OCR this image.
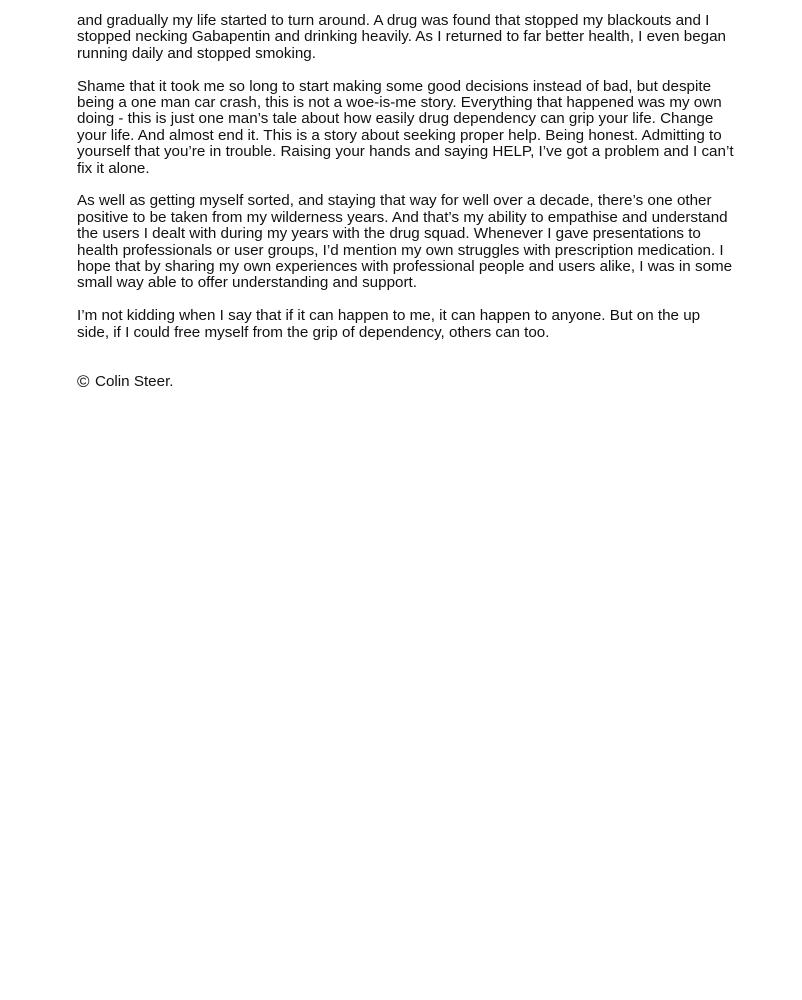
and gradually my life started to turn around. A drug was found that stopped my blackouts and I
stopped necking Gabapentin and drinking heavily. As I returned to far better health, I even began
running daily and stopped smoking.

Shame that it took me so long to start making some good decisions instead of bad, but despite
being a one man car crash, this is not a woe-is-me story. Everything that happened was my own
doing - this is just one man’s tale about how easily drug dependency can grip your life. Change
your life. And almost end it. This is a story about seeking proper help. Being honest. Admitting to
yourself that you’re in trouble. Raising your hands and saying HELP, I’ve got a problem and I can’t
fix it alone.

As well as getting myself sorted, and staying that way for well over a decade, there’s one other
positive to be taken from my wilderness years. And that’s my ability to empathise and understand
the users I dealt with during my years with the drug squad. Whenever I gave presentations to
health professionals or user groups, I’d mention my own struggles with prescription medication. I
hope that by sharing my own experiences with professional people and users alike, I was in some
small way able to offer understanding and support.

I’m not kidding when I say that if it can happen to me, it can happen to anyone. But on the up
side, if I could free myself from the grip of dependency, others can too.

© Colin Steer.
